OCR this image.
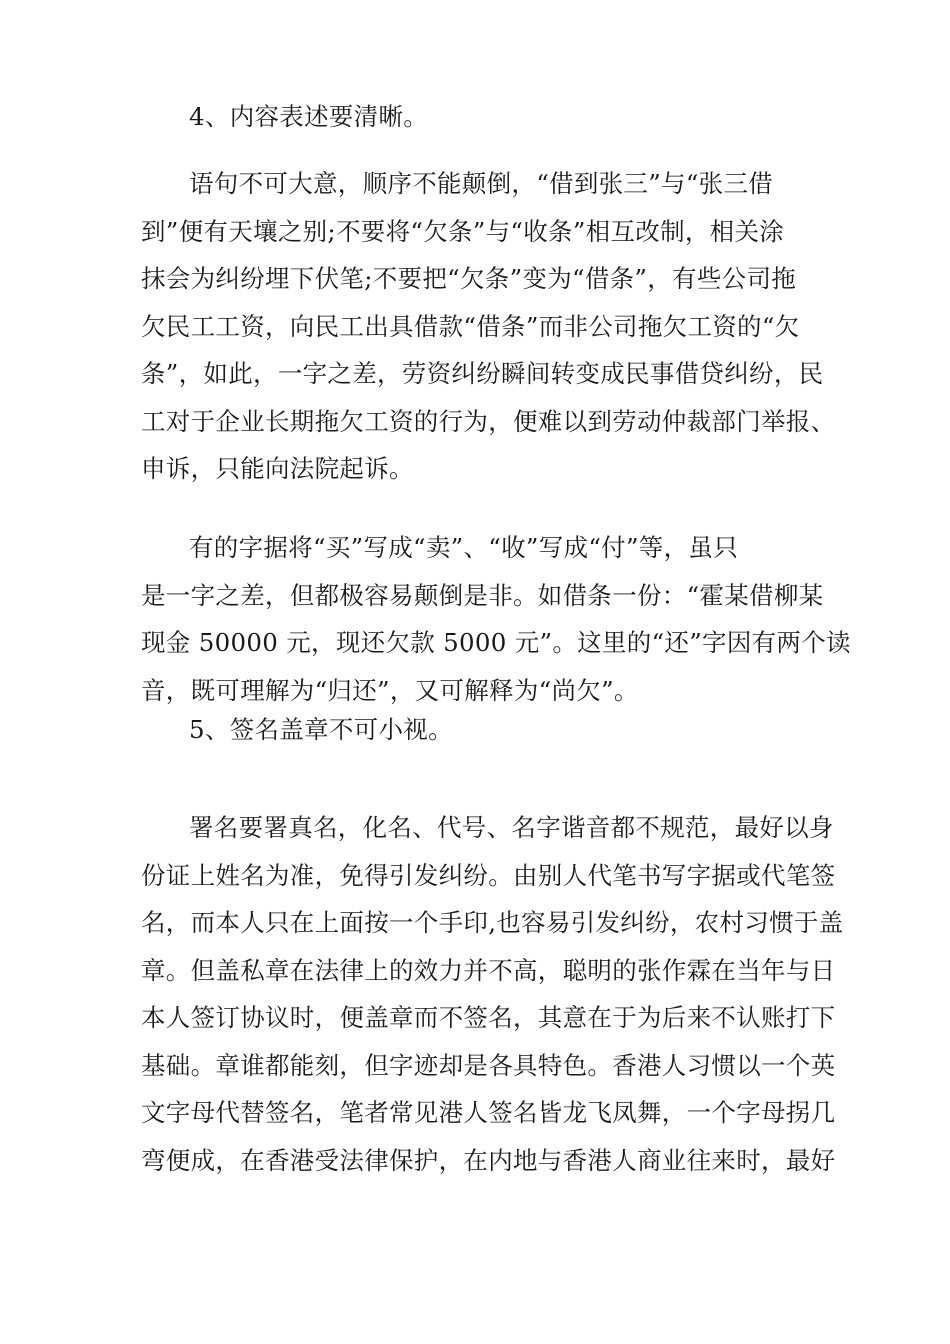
4、内容表述要清晰。

语句不可大意，顺序不能颠倒，“借到张三”与“张三借
到”便有天壤之别;不要将“欠条”与“收条”相互改制，相关涂
抹会为纠纷埋下伏笔;不要把“欠条”变为“借条”，有些公司拖
欠民工工资，向民工出具借款“借条”而非公司拖欠工资的“欠
条”，如此，一字之差，劳资纠纷瞬间转变成民事借贷纠纷，民
工对于企业长期拖欠工资的行为，便难以到劳动仲裁部门举报、
申诉，只能向法院起诉。

有的字据将“买”写成“卖”、“收”写成“付”等，虽只
是一字之差，但都极容易颠倒是非。如借条一份：“霍某借柳某
现金 50000 元，现还欠款 5000 元”。这里的“还”字因有两个读
音，既可理解为“归还”，又可解释为“尚欠”。

5、签名盖章不可小视。

署名要署真名，化名、代号、名字谐音都不规范，最好以身
份证上姓名为准，免得引发纠纷。由别人代笔书写字据或代笔签
名，而本人只在上面按一个手印,也容易引发纠纷，农村习惯于盖
章。但盖私章在法律上的效力并不高，聪明的张作霖在当年与日
本人签订协议时，便盖章而不签名，其意在于为后来不认账打下
基础。章谁都能刻，但字迹却是各具特色。香港人习惯以一个英
文字母代替签名，笔者常见港人签名皆龙飞凤舞，一个字母拐几
弯便成，在香港受法律保护，在内地与香港人商业往来时，最好
